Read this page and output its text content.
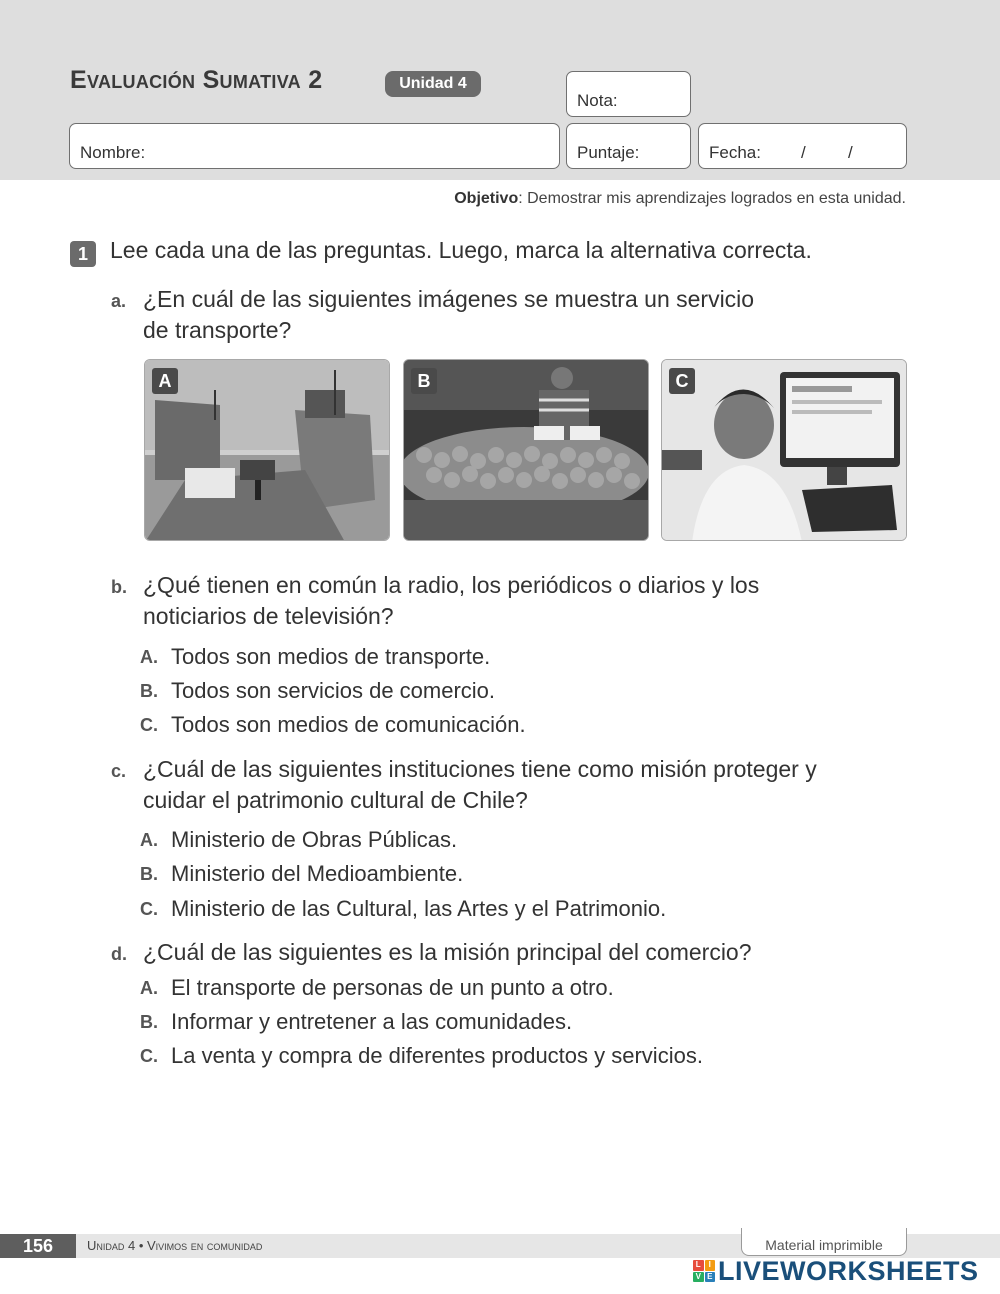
Evaluación Sumativa 2	Unidad 4
Nota:
Nombre:	Puntaje:	Fecha: / /
Objetivo: Demostrar mis aprendizajes logrados en esta unidad.
1 Lee cada una de las preguntas. Luego, marca la alternativa correcta.
a. ¿En cuál de las siguientes imágenes se muestra un servicio
de transporte?
A	B	C
b. ¿Qué tienen en común la radio, los periódicos o diarios y los
noticiarios de televisión?
A. Todos son medios de transporte.
B. Todos son servicios de comercio.
C. Todos son medios de comunicación.
c. ¿Cuál de las siguientes instituciones tiene como misión proteger y
cuidar el patrimonio cultural de Chile?
A. Ministerio de Obras Públicas.
B. Ministerio del Medioambiente.
C. Ministerio de las Cultural, las Artes y el Patrimonio.
d. ¿Cuál de las siguientes es la misión principal del comercio?
A. El transporte de personas de un punto a otro.
B. Informar y entretener a las comunidades.
C. La venta y compra de diferentes productos y servicios.
156	Unidad 4 • Vivimos en comunidad	Material imprimible
L I
V E LIVEWORKSHEETS
